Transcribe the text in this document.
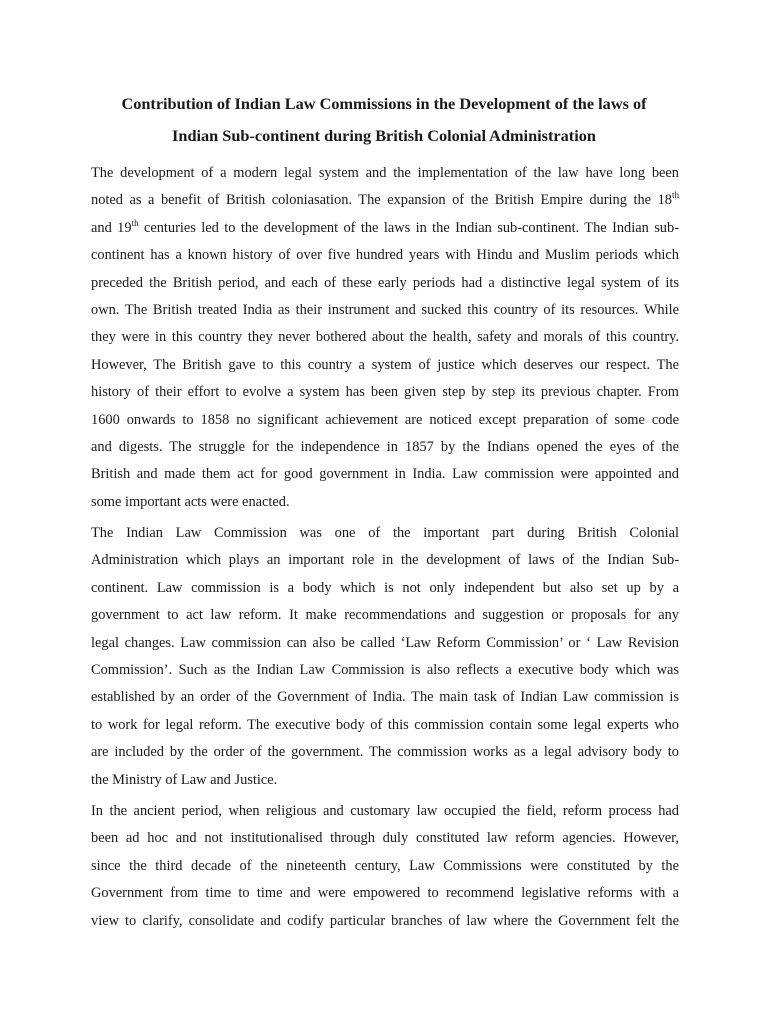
Contribution of Indian Law Commissions in the Development of the laws of
Indian Sub-continent during British Colonial Administration
The development of a modern legal system and the implementation of the law have long been
noted as a benefit of British coloniasation. The expansion of the British Empire during the 18th
and 19th centuries led to the development of the laws in the Indian sub-continent. The Indian sub-
continent has a known history of over five hundred years with Hindu and Muslim periods which
preceded the British period, and each of these early periods had a distinctive legal system of its
own. The British treated India as their instrument and sucked this country of its resources. While
they were in this country they never bothered about the health, safety and morals of this country.
However, The British gave to this country a system of justice which deserves our respect. The
history of their effort to evolve a system has been given step by step its previous chapter. From
1600 onwards to 1858 no significant achievement are noticed except preparation of some code
and digests. The struggle for the independence in 1857 by the Indians opened the eyes of the
British and made them act for good government in India. Law commission were appointed and
some important acts were enacted.
The Indian Law Commission was one of the important part during British Colonial
Administration which plays an important role in the development of laws of the Indian Sub-
continent. Law commission is a body which is not only independent but also set up by a
government to act law reform. It make recommendations and suggestion or proposals for any
legal changes. Law commission can also be called ‘Law Reform Commission’ or ‘ Law Revision
Commission’. Such as the Indian Law Commission is also reflects a executive body which was
established by an order of the Government of India. The main task of Indian Law commission is
to work for legal reform. The executive body of this commission contain some legal experts who
are included by the order of the government. The commission works as a legal advisory body to
the Ministry of Law and Justice.
In the ancient period, when religious and customary law occupied the field, reform process had
been ad hoc and not institutionalised through duly constituted law reform agencies. However,
since the third decade of the nineteenth century, Law Commissions were constituted by the
Government from time to time and were empowered to recommend legislative reforms with a
view to clarify, consolidate and codify particular branches of law where the Government felt the
